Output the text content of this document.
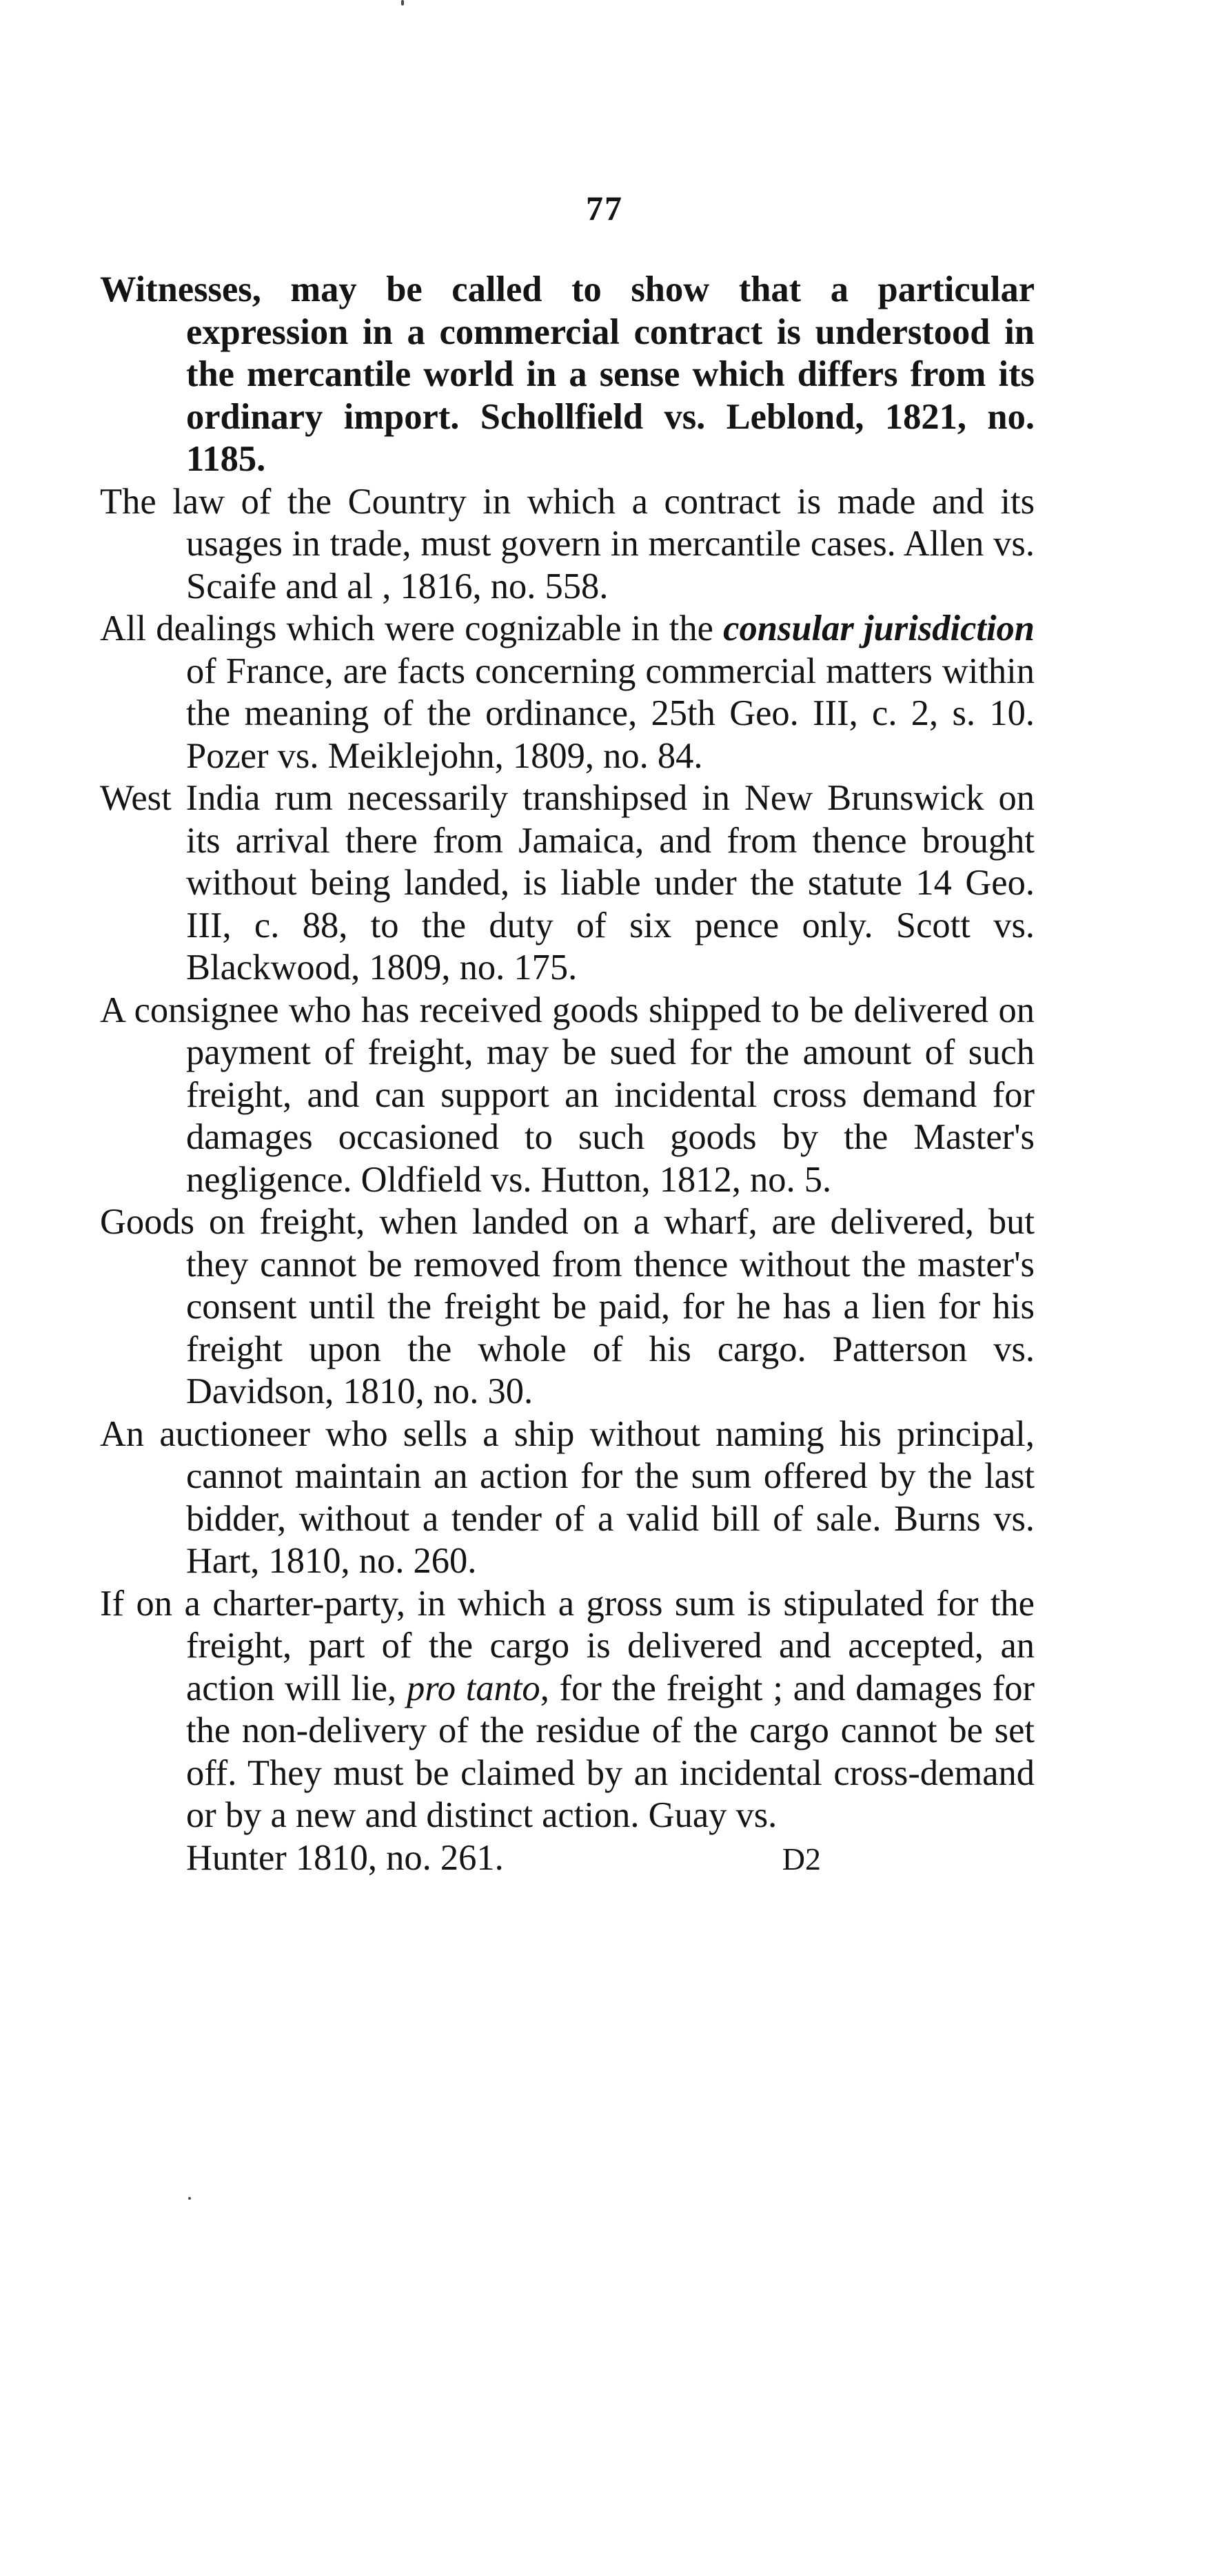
77

Witnesses, may be called to show that a particular expression in a commercial contract is understood in the mercantile world in a sense which differs from its ordinary import. Schollfield vs. Leblond, 1821, no. 1185.

The law of the Country in which a contract is made and its usages in trade, must govern in mercantile cases. Allen vs. Scaife and al , 1816, no. 558.

All dealings which were cognizable in the consular jurisdiction of France, are facts concerning commercial matters within the meaning of the ordinance, 25th Geo. III, c. 2, s. 10. Pozer vs. Meiklejohn, 1809, no. 84.

West India rum necessarily transhipsed in New Brunswick on its arrival there from Jamaica, and from thence brought without being landed, is liable under the statute 14 Geo. III, c. 88, to the duty of six pence only. Scott vs. Blackwood, 1809, no. 175.

A consignee who has received goods shipped to be delivered on payment of freight, may be sued for the amount of such freight, and can support an incidental cross demand for damages occasioned to such goods by the Master's negligence. Oldfield vs. Hutton, 1812, no. 5.

Goods on freight, when landed on a wharf, are delivered, but they cannot be removed from thence without the master's consent until the freight be paid, for he has a lien for his freight upon the whole of his cargo. Patterson vs. Davidson, 1810, no. 30.

An auctioneer who sells a ship without naming his principal, cannot maintain an action for the sum offered by the last bidder, without a tender of a valid bill of sale. Burns vs. Hart, 1810, no. 260.

If on a charter-party, in which a gross sum is stipulated for the freight, part of the cargo is delivered and accepted, an action will lie, pro tanto, for the freight ; and damages for the non-delivery of the residue of the cargo cannot be set off. They must be claimed by an incidental cross-demand or by a new and distinct action. Guay vs.

Hunter 1810, no. 261.	D2
